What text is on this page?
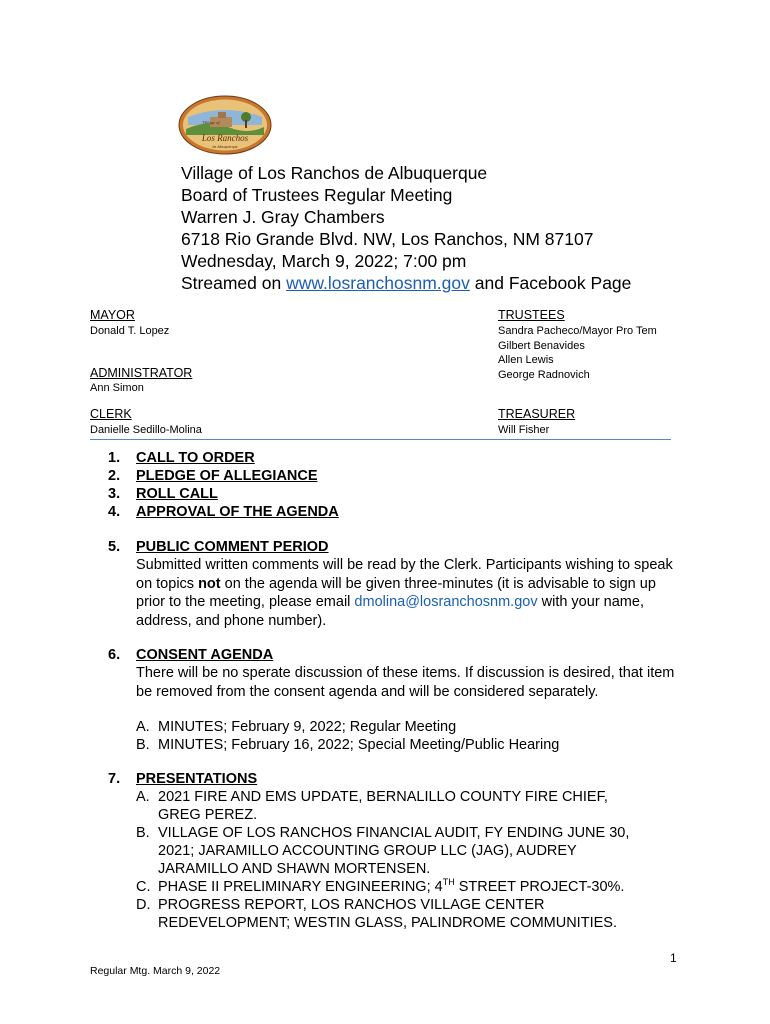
Los Ranchos
de Albuquerque
Village of
Village of Los Ranchos de Albuquerque
Board of Trustees Regular Meeting
Warren J. Gray Chambers
6718 Rio Grande Blvd. NW, Los Ranchos, NM 87107
Wednesday, March 9, 2022; 7:00 pm
Streamed on www.losranchosnm.gov and Facebook Page
MAYOR
Donald T. Lopez
ADMINISTRATOR
Ann Simon
CLERK
Danielle Sedillo-Molina
TRUSTEES
Sandra Pacheco/Mayor Pro Tem
Gilbert Benavides
Allen Lewis
George Radnovich
TREASURER
Will Fisher
1.	CALL TO ORDER
2.	PLEDGE OF ALLEGIANCE
3.	ROLL CALL
4.	APPROVAL OF THE AGENDA
5.	PUBLIC COMMENT PERIOD
Submitted written comments will be read by the Clerk. Participants wishing to speak on topics not on the agenda will be given three-minutes (it is advisable to sign up prior to the meeting, please email dmolina@losranchosnm.gov with your name, address, and phone number).
6.	CONSENT AGENDA
There will be no sperate discussion of these items. If discussion is desired, that item be removed from the consent agenda and will be considered separately.
A. MINUTES; February 9, 2022; Regular Meeting
B. MINUTES; February 16, 2022; Special Meeting/Public Hearing
7.	PRESENTATIONS
A. 2021 FIRE AND EMS UPDATE, BERNALILLO COUNTY FIRE CHIEF, GREG PEREZ.
B. VILLAGE OF LOS RANCHOS FINANCIAL AUDIT, FY ENDING JUNE 30, 2021; JARAMILLO ACCOUNTING GROUP LLC (JAG), AUDREY JARAMILLO AND SHAWN MORTENSEN.
C. PHASE II PRELIMINARY ENGINEERING; 4TH STREET PROJECT-30%.
D. PROGRESS REPORT, LOS RANCHOS VILLAGE CENTER REDEVELOPMENT; WESTIN GLASS, PALINDROME COMMUNITIES.
1
Regular Mtg. March 9, 2022
